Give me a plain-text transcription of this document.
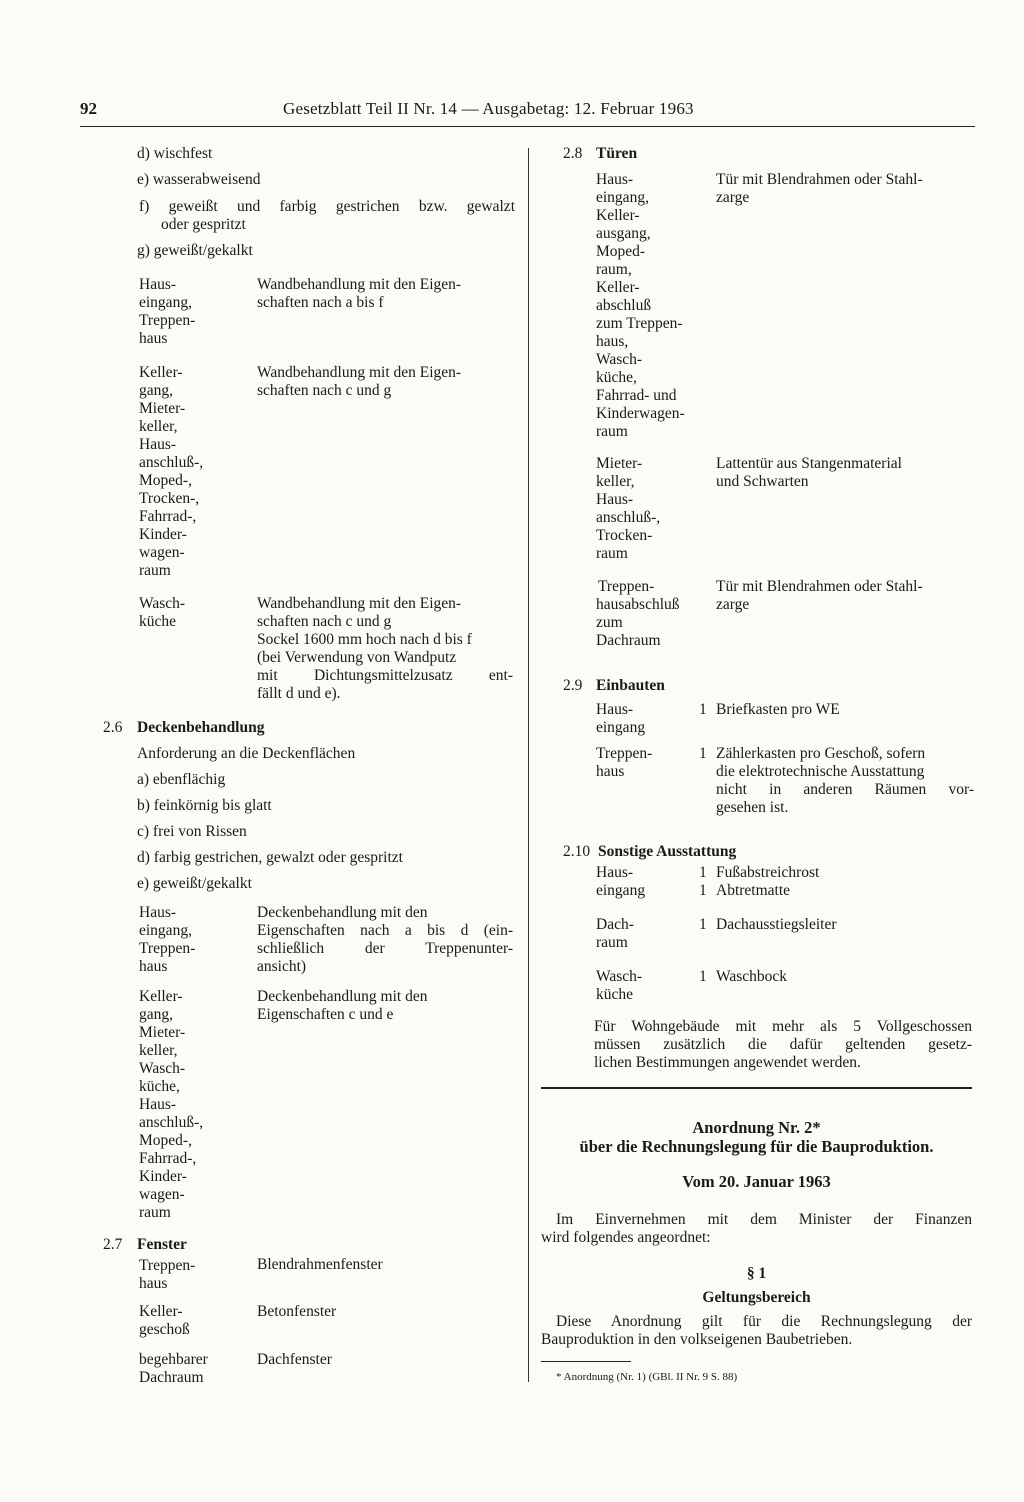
92	Gesetzblatt Teil II Nr. 14 — Ausgabetag: 12. Februar 1963
d) wischfest
e) wasserabweisend
f) geweißt und farbig gestrichen bzw. gewalzt
oder gespritzt
g) geweißt/gekalkt
Haus-
eingang,
Treppen-
haus
Wandbehandlung mit den Eigen-
schaften nach a bis f
Keller-
gang,
Mieter-
keller,
Haus-
anschluß-,
Moped-,
Trocken-,
Fahrrad-,
Kinder-
wagen-
raum
Wandbehandlung mit den Eigen-
schaften nach c und g
Wasch-
küche
Wandbehandlung mit den Eigen-
schaften nach c und g
Sockel 1600 mm hoch nach d bis f
(bei Verwendung von Wandputz
mit Dichtungsmittelzusatz ent-
fällt d und e).
2.6 Deckenbehandlung
Anforderung an die Deckenflächen
a) ebenflächig
b) feinkörnig bis glatt
c) frei von Rissen
d) farbig gestrichen, gewalzt oder gespritzt
e) geweißt/gekalkt
Haus-
eingang,
Treppen-
haus
Deckenbehandlung mit den
Eigenschaften nach a bis d (ein-
schließlich der Treppenunter-
ansicht)
Keller-
gang,
Mieter-
keller,
Wasch-
küche,
Haus-
anschluß-,
Moped-,
Fahrrad-,
Kinder-
wagen-
raum
Deckenbehandlung mit den
Eigenschaften c und e
2.7 Fenster
Treppen-
haus
Blendrahmenfenster
Keller-
geschoß
Betonfenster
begehbarer
Dachraum
Dachfenster
2.8 Türen
Haus-
eingang,
Keller-
ausgang,
Moped-
raum,
Keller-
abschluß
zum Treppen-
haus,
Wasch-
küche,
Fahrrad- und
Kinderwagen-
raum
Tür mit Blendrahmen oder Stahl-
zarge
Mieter-
keller,
Haus-
anschluß-,
Trocken-
raum
Lattentür aus Stangenmaterial
und Schwarten
Treppen-
hausabschluß
zum
Dachraum
Tür mit Blendrahmen oder Stahl-
zarge
2.9 Einbauten
Haus-
eingang
1 Briefkasten pro WE
Treppen-
haus
1 Zählerkasten pro Geschoß, sofern
die elektrotechnische Ausstattung
nicht in anderen Räumen vor-
gesehen ist.
2.10 Sonstige Ausstattung
Haus-
eingang
1
1
Fußabstreichrost
Abtretmatte
Dach-
raum
1 Dachausstiegsleiter
Wasch-
küche
1 Waschbock
Für Wohngebäude mit mehr als 5 Vollgeschossen
müssen zusätzlich die dafür geltenden gesetz-
lichen Bestimmungen angewendet werden.
Anordnung Nr. 2*
über die Rechnungslegung für die Bauproduktion.
Vom 20. Januar 1963
Im Einvernehmen mit dem Minister der Finanzen
wird folgendes angeordnet:
§ 1
Geltungsbereich
Diese Anordnung gilt für die Rechnungslegung der
Bauproduktion in den volkseigenen Baubetrieben.
* Anordnung (Nr. 1) (GBl. II Nr. 9 S. 88)
